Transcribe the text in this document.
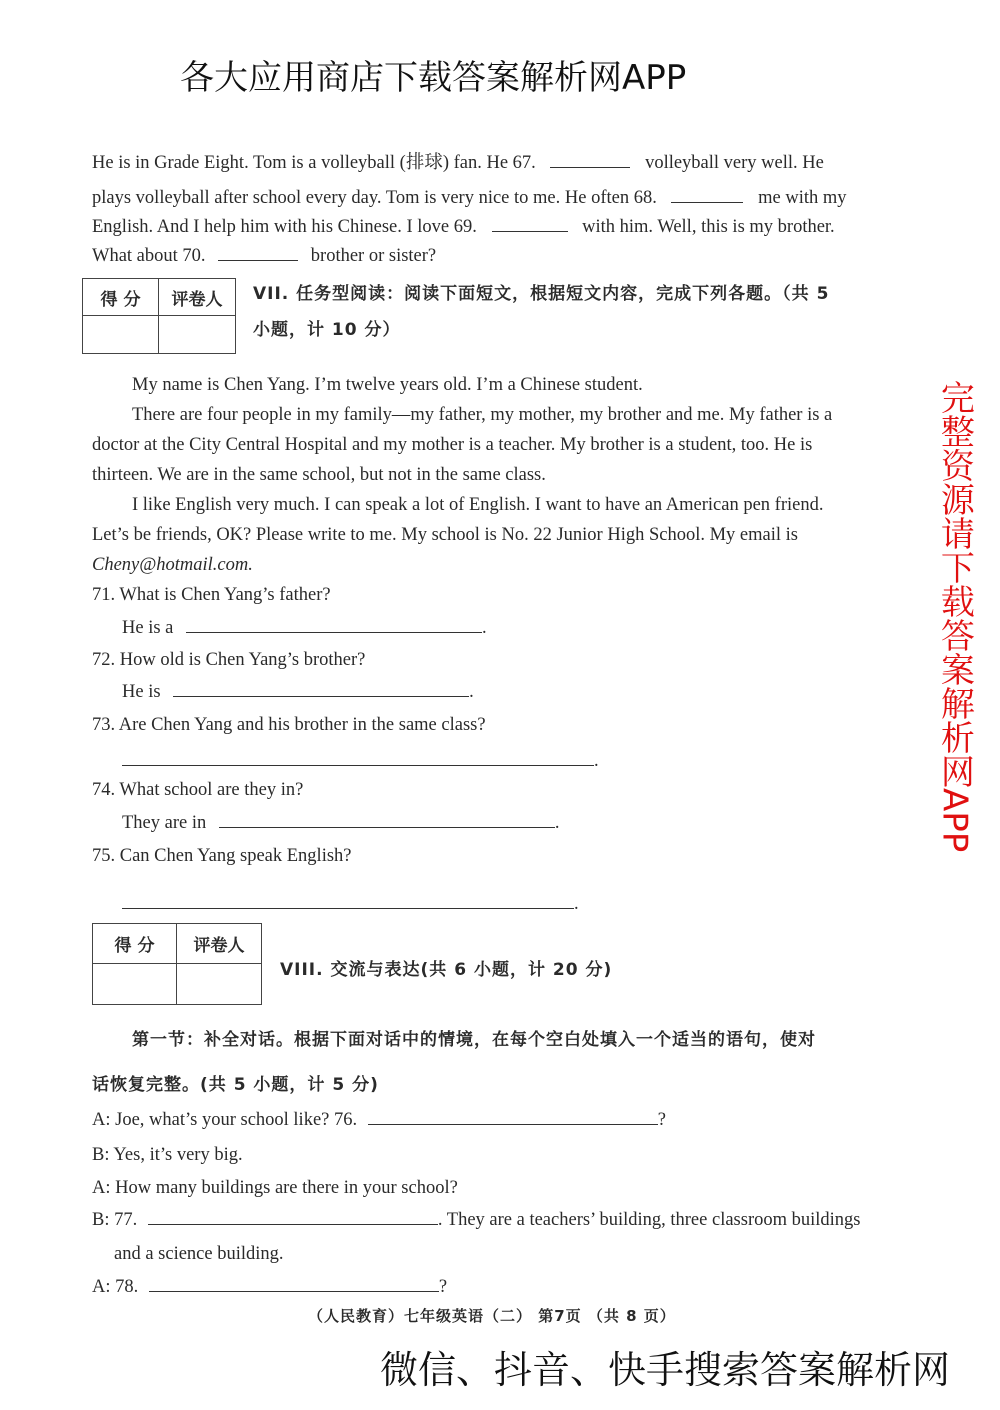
He is in Grade Eight. Tom is a volleyball (排球) fan. He 67.	volleyball very well. He
plays volleyball after school every day. Tom is very nice to me. He often 68.	me with my
English. And I help him with his Chinese. I love 69.	with him. Well, this is my brother.
What about 70.	brother or sister?
得 分	评卷人	VII. 任务型阅读：阅读下面短文，根据短文内容，完成下列各题。（共 5
小题，计 10 分）
My name is Chen Yang. I’m twelve years old. I’m a Chinese student.
There are four people in my family—my father, my mother, my brother and me. My father is a
doctor at the City Central Hospital and my mother is a teacher. My brother is a student, too. He is
thirteen. We are in the same school, but not in the same class.
I like English very much. I can speak a lot of English. I want to have an American pen friend.
Let’s be friends, OK? Please write to me. My school is No. 22 Junior High School. My email is
Cheny@hotmail.com.
71. What is Chen Yang’s father?
He is a	.
72. How old is Chen Yang’s brother?
He is	.
73. Are Chen Yang and his brother in the same class?
.
74. What school are they in?
They are in	.
75. Can Chen Yang speak English?
.
得 分	评卷人
VIII. 交流与表达(共 6 小题，计 20 分)
第一节：补全对话。根据下面对话中的情境，在每个空白处填入一个适当的语句，使对
话恢复完整。(共 5 小题，计 5 分)
A: Joe, what’s your school like? 76.	?
B: Yes, it’s very big.
A: How many buildings are there in your school?
B: 77.	. They are a teachers’ building, three classroom buildings
and a science building.
A: 78.	?
（人民教育）七年级英语（二） 第7页 （共 8 页）
各大应用商店下载答案解析网APP
完整资源请下载答案解析网APP
微信、抖音、快手搜索答案解析网
